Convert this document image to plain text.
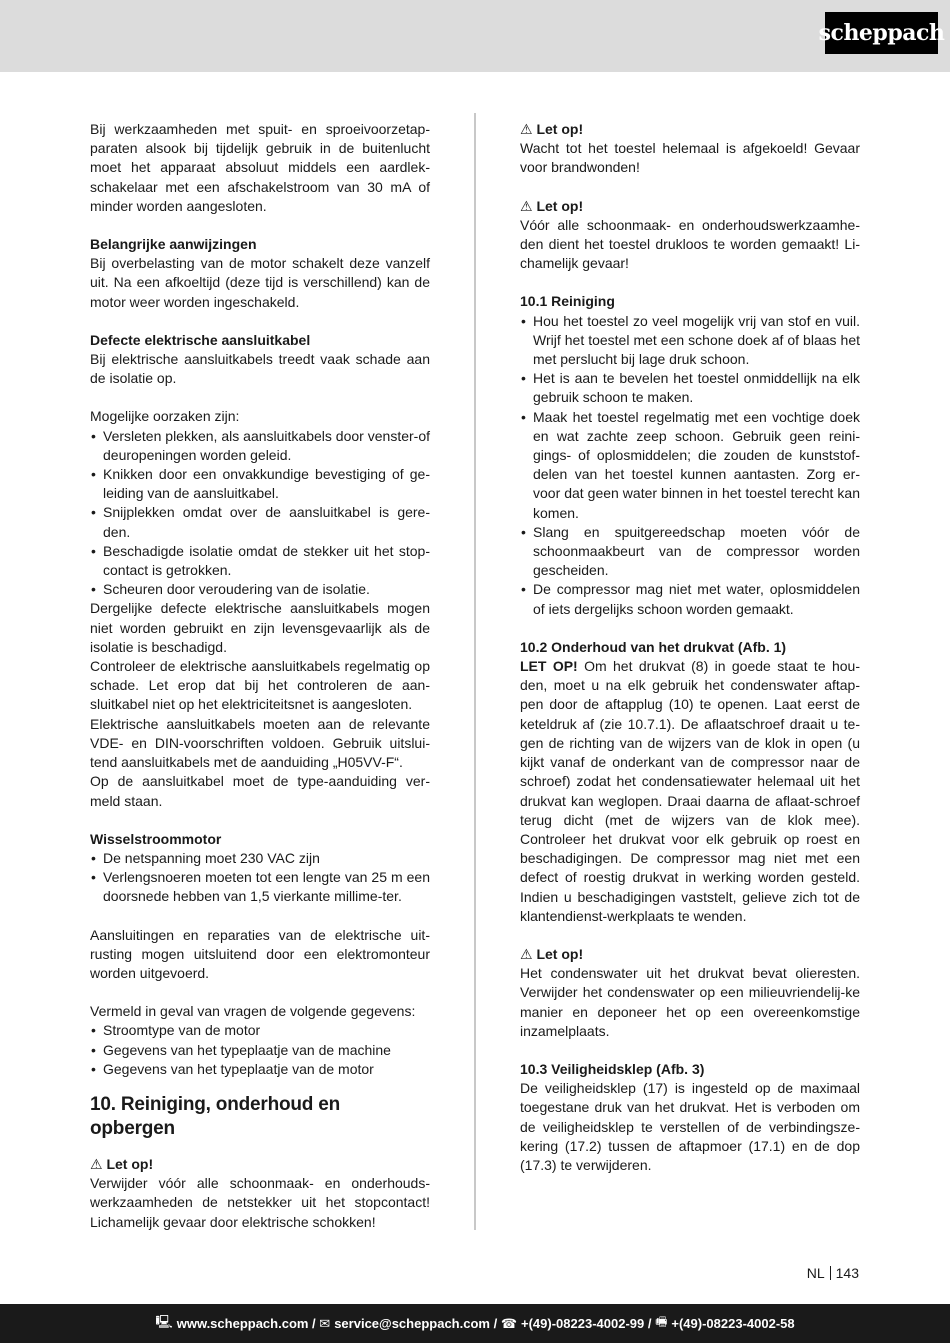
scheppach

Bij werkzaamheden met spuit- en sproeivoorzetap-paraten alsook bij tijdelijk gebruik in de buitenlucht moet het apparaat absoluut middels een aardlek-schakelaar met een afschakelstroom van 30 mA of minder worden aangesloten.

Belangrijke aanwijzingen

Bij overbelasting van de motor schakelt deze vanzelf uit. Na een afkoeltijd (deze tijd is verschillend) kan de motor weer worden ingeschakeld.

Defecte elektrische aansluitkabel

Bij elektrische aansluitkabels treedt vaak schade aan de isolatie op.

Mogelijke oorzaken zijn:

• Versleten plekken, als aansluitkabels door venster-of deuropeningen worden geleid.
• Knikken door een onvakkundige bevestiging of ge-leiding van de aansluitkabel.
• Snijplekken omdat over de aansluitkabel is gere-den.
• Beschadigde isolatie omdat de stekker uit het stop-contact is getrokken.
• Scheuren door veroudering van de isolatie.

Dergelijke defecte elektrische aansluitkabels mogen niet worden gebruikt en zijn levensgevaarlijk als de isolatie is beschadigd.

Controleer de elektrische aansluitkabels regelmatig op schade. Let erop dat bij het controleren de aan-sluitkabel niet op het elektriciteitsnet is aangesloten.

Elektrische aansluitkabels moeten aan de relevante VDE- en DIN-voorschriften voldoen. Gebruik uitslui-tend aansluitkabels met de aanduiding „H05VV-F“.

Op de aansluitkabel moet de type-aanduiding ver-meld staan.

Wisselstroommotor

• De netspanning moet 230 VAC zijn
• Verlengsnoeren moeten tot een lengte van 25 m een doorsnede hebben van 1,5 vierkante millime-ter.

Aansluitingen en reparaties van de elektrische uit-rusting mogen uitsluitend door een elektromonteur worden uitgevoerd.

Vermeld in geval van vragen de volgende gegevens:

• Stroomtype van de motor
• Gegevens van het typeplaatje van de machine
• Gegevens van het typeplaatje van de motor
10. Reiniging, onderhoud en opbergen

⚠ Let op!

Verwijder vóór alle schoonmaak- en onderhouds-werkzaamheden de netstekker uit het stopcontact! Lichamelijk gevaar door elektrische schokken!

⚠ Let op!

Wacht tot het toestel helemaal is afgekoeld! Gevaar voor brandwonden!

⚠ Let op!

Vóór alle schoonmaak- en onderhoudswerkzaamhe-den dient het toestel drukloos te worden gemaakt! Li-chamelijk gevaar!

10.1 Reiniging

• Hou het toestel zo veel mogelijk vrij van stof en vuil. Wrijf het toestel met een schone doek af of blaas het met perslucht bij lage druk schoon.
• Het is aan te bevelen het toestel onmiddellijk na elk gebruik schoon te maken.
• Maak het toestel regelmatig met een vochtige doek en wat zachte zeep schoon. Gebruik geen reini-gings- of oplosmiddelen; die zouden de kunststof-delen van het toestel kunnen aantasten. Zorg er-voor dat geen water binnen in het toestel terecht kan komen.
• Slang en spuitgereedschap moeten vóór de schoonmaakbeurt van de compressor worden gescheiden.
• De compressor mag niet met water, oplosmiddelen of iets dergelijks schoon worden gemaakt.

10.2 Onderhoud van het drukvat (Afb. 1)

LET OP! Om het drukvat (8) in goede staat te hou-den, moet u na elk gebruik het condenswater aftap-pen door de aftapplug (10) te openen. Laat eerst de keteldruk af (zie 10.7.1). De aflaatschroef draait u te-gen de richting van de wijzers van de klok in open (u kijkt vanaf de onderkant van de compressor naar de schroef) zodat het condensatiewater helemaal uit het drukvat kan weglopen. Draai daarna de aflaat-schroef terug dicht (met de wijzers van de klok mee). Controleer het drukvat voor elk gebruik op roest en beschadigingen. De compressor mag niet met een defect of roestig drukvat in werking worden gesteld. Indien u beschadigingen vaststelt, gelieve zich tot de klantendienst-werkplaats te wenden.

⚠ Let op!

Het condenswater uit het drukvat bevat olieresten. Verwijder het condenswater op een milieuvriendelij-ke manier en deponeer het op een overeenkomstige inzamelplaats.

10.3 Veiligheidsklep (Afb. 3)

De veiligheidsklep (17) is ingesteld op de maximaal toegestane druk van het drukvat. Het is verboden om de veiligheidsklep te verstellen of de verbindingsze-kering (17.2) tussen de aftapmoer (17.1) en de dop (17.3) te verwijderen.

NL 143
🖳 www.scheppach.com /
✉ service@scheppach.com /
☎ +(49)-08223-4002-99 /
🖷 +(49)-08223-4002-58
